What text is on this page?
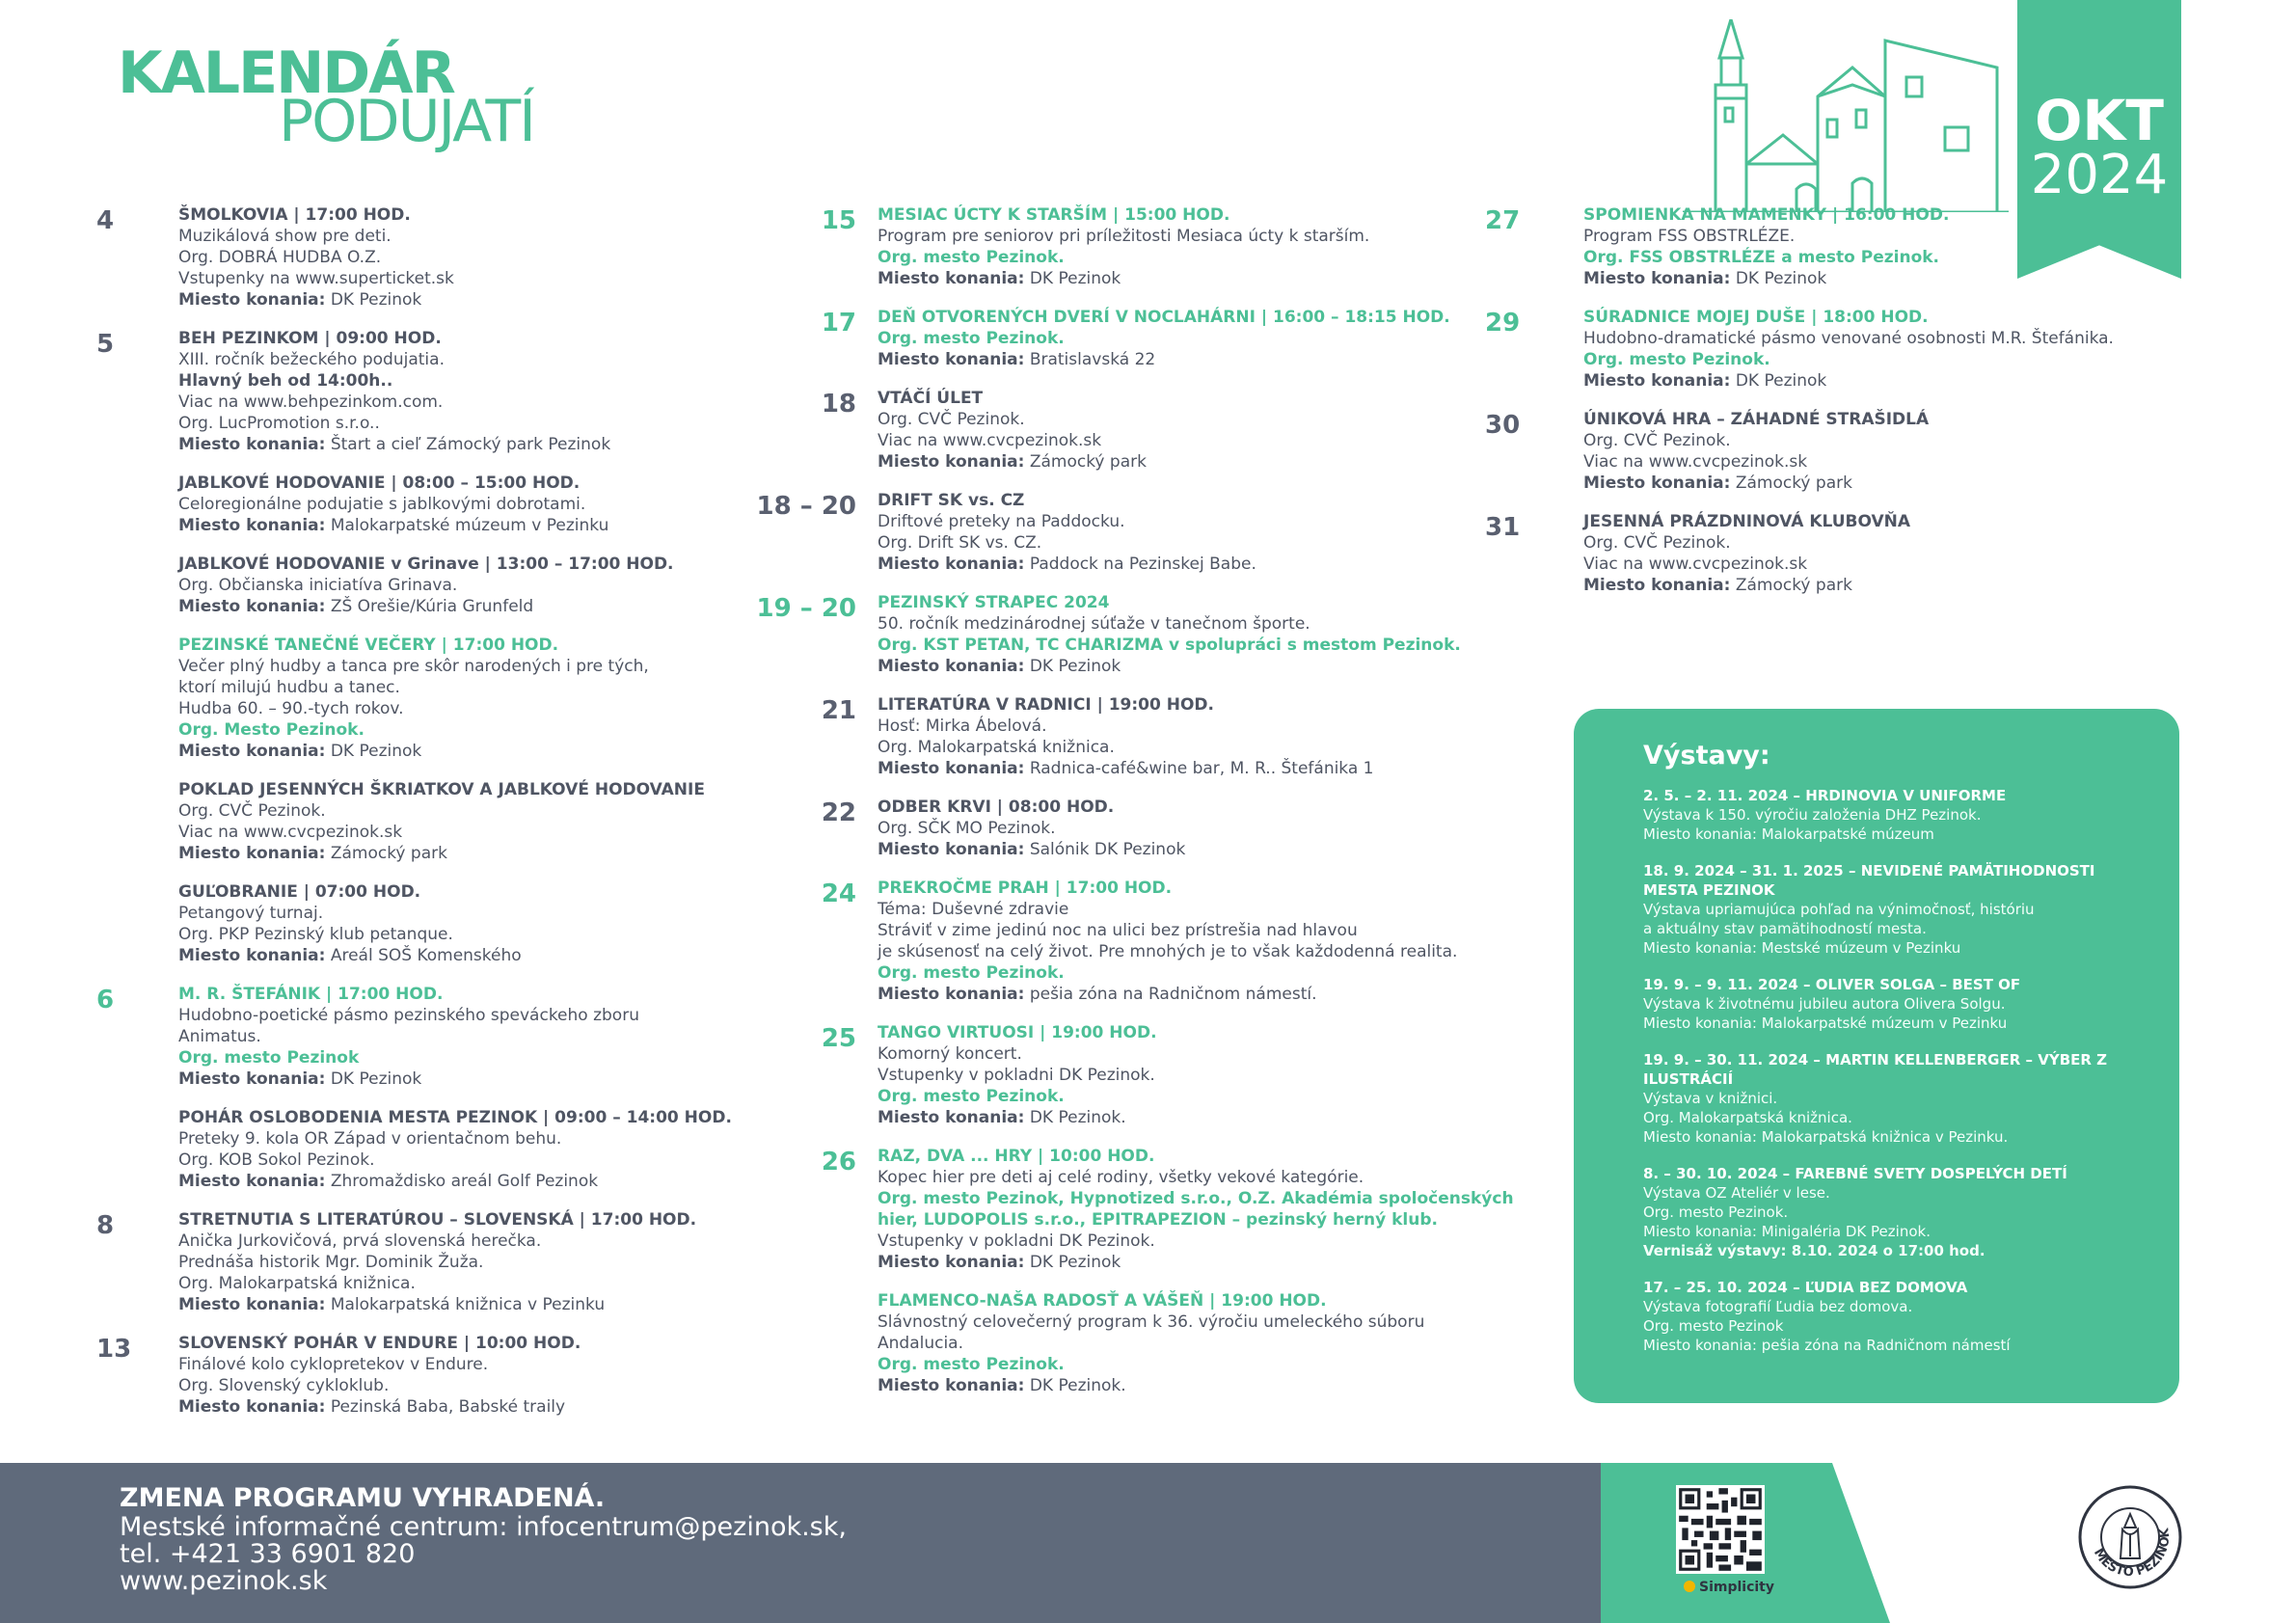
KALENDÁR
PODUJATÍ	OKT
2024
4	ŠMOLKOVIA | 17:00 HOD.
Muzikálová show pre deti.
Org. DOBRÁ HUDBA O.Z.
Vstupenky na www.superticket.sk
Miesto konania: DK Pezinok
5	BEH PEZINKOM | 09:00 HOD.
XIII. ročník bežeckého podujatia.
Hlavný beh od 14:00h..
Viac na www.behpezinkom.com.
Org. LucPromotion s.r.o..
Miesto konania: Štart a cieľ Zámocký park Pezinok
JABLKOVÉ HODOVANIE | 08:00 – 15:00 HOD.
Celoregionálne podujatie s jablkovými dobrotami.
Miesto konania: Malokarpatské múzeum v Pezinku
JABLKOVÉ HODOVANIE v Grinave | 13:00 – 17:00 HOD.
Org. Občianska iniciatíva Grinava.
Miesto konania: ZŠ Orešie/Kúria Grunfeld
PEZINSKÉ TANEČNÉ VEČERY | 17:00 HOD.
Večer plný hudby a tanca pre skôr narodených i pre tých,
ktorí milujú hudbu a tanec.
Hudba 60. – 90.-tych rokov.
Org. Mesto Pezinok.
Miesto konania: DK Pezinok
POKLAD JESENNÝCH ŠKRIATKOV A JABLKOVÉ HODOVANIE
Org. CVČ Pezinok.
Viac na www.cvcpezinok.sk
Miesto konania: Zámocký park
GUĽOBRANIE | 07:00 HOD.
Petangový turnaj.
Org. PKP Pezinský klub petanque.
Miesto konania: Areál SOŠ Komenského
6	M. R. ŠTEFÁNIK | 17:00 HOD.
Hudobno-poetické pásmo pezinského speváckeho zboru
Animatus.
Org. mesto Pezinok
Miesto konania: DK Pezinok
POHÁR OSLOBODENIA MESTA PEZINOK | 09:00 – 14:00 HOD.
Preteky 9. kola OR Západ v orientačnom behu.
Org. KOB Sokol Pezinok.
Miesto konania: Zhromaždisko areál Golf Pezinok
8	STRETNUTIA S LITERATÚROU – SLOVENSKÁ | 17:00 HOD.
Anička Jurkovičová, prvá slovenská herečka.
Prednáša historik Mgr. Dominik Žuža.
Org. Malokarpatská knižnica.
Miesto konania: Malokarpatská knižnica v Pezinku
13	SLOVENSKÝ POHÁR V ENDURE | 10:00 HOD.
Finálové kolo cyklopretekov v Endure.
Org. Slovenský cykloklub.
Miesto konania: Pezinská Baba, Babské traily
15 MESIAC ÚCTY K STARŠÍM | 15:00 HOD.
Program pre seniorov pri príležitosti Mesiaca úcty k starším.
Org. mesto Pezinok.
Miesto konania: DK Pezinok
17 DEŇ OTVORENÝCH DVERÍ V NOCLAHÁRNI | 16:00 – 18:15 HOD.
Org. mesto Pezinok.
Miesto konania: Bratislavská 22
18 VTÁČÍ ÚLET
Org. CVČ Pezinok.
Viac na www.cvcpezinok.sk
Miesto konania: Zámocký park
18 – 20 DRIFT SK vs. CZ
Driftové preteky na Paddocku.
Org. Drift SK vs. CZ.
Miesto konania: Paddock na Pezinskej Babe.
19 – 20 PEZINSKÝ STRAPEC 2024
50. ročník medzinárodnej súťaže v tanečnom športe.
Org. KST PETAN, TC CHARIZMA v spolupráci s mestom Pezinok.
Miesto konania: DK Pezinok
21 LITERATÚRA V RADNICI | 19:00 HOD.
Hosť: Mirka Ábelová.
Org. Malokarpatská knižnica.
Miesto konania: Radnica-café&wine bar, M. R.. Štefánika 1
22 ODBER KRVI | 08:00 HOD.
Org. SČK MO Pezinok.
Miesto konania: Salónik DK Pezinok
24 PREKROČME PRAH | 17:00 HOD.
Téma: Duševné zdravie
Stráviť v zime jedinú noc na ulici bez prístrešia nad hlavou
je skúsenosť na celý život. Pre mnohých je to však každodenná realita.
Org. mesto Pezinok.
Miesto konania: pešia zóna na Radničnom námestí.
25 TANGO VIRTUOSI | 19:00 HOD.
Komorný koncert.
Vstupenky v pokladni DK Pezinok.
Org. mesto Pezinok.
Miesto konania: DK Pezinok.
26 RAZ, DVA ... HRY | 10:00 HOD.
Kopec hier pre deti aj celé rodiny, všetky vekové kategórie.
Org. mesto Pezinok, Hypnotized s.r.o., O.Z. Akadémia spoločenských
hier, LUDOPOLIS s.r.o., EPITRAPEZION – pezinský herný klub.
Vstupenky v pokladni DK Pezinok.
Miesto konania: DK Pezinok
FLAMENCO-NAŠA RADOSŤ A VÁŠEŇ | 19:00 HOD.
Slávnostný celovečerný program k 36. výročiu umeleckého súboru
Andalucia.
Org. mesto Pezinok.
Miesto konania: DK Pezinok.
27	SPOMIENKA NA MAMENKY | 16:00 HOD.
Program FSS OBSTRLÉZE.
Org. FSS OBSTRLÉZE a mesto Pezinok.
Miesto konania: DK Pezinok
29	SÚRADNICE MOJEJ DUŠE | 18:00 HOD.
Hudobno-dramatické pásmo venované osobnosti M.R. Štefánika.
Org. mesto Pezinok.
Miesto konania: DK Pezinok
30	ÚNIKOVÁ HRA – ZÁHADNÉ STRAŠIDLÁ
Org. CVČ Pezinok.
Viac na www.cvcpezinok.sk
Miesto konania: Zámocký park
31	JESENNÁ PRÁZDNINOVÁ KLUBOVŇA
Org. CVČ Pezinok.
Viac na www.cvcpezinok.sk
Miesto konania: Zámocký park
Výstavy:
2. 5. – 2. 11. 2024 – HRDINOVIA V UNIFORME
Výstava k 150. výročiu založenia DHZ Pezinok.
Miesto konania: Malokarpatské múzeum
18. 9. 2024 – 31. 1. 2025 – NEVIDENÉ PAMÄTIHODNOSTI MESTA PEZINOK
Výstava upriamujúca pohľad na výnimočnosť, históriu
a aktuálny stav pamätihodností mesta.
Miesto konania: Mestské múzeum v Pezinku
19. 9. – 9. 11. 2024 – OLIVER SOLGA – BEST OF
Výstava k životnému jubileu autora Olivera Solgu.
Miesto konania: Malokarpatské múzeum v Pezinku
19. 9. – 30. 11. 2024 – MARTIN KELLENBERGER – VÝBER Z ILUSTRÁCIÍ
Výstava v knižnici.
Org. Malokarpatská knižnica.
Miesto konania: Malokarpatská knižnica v Pezinku.
8. – 30. 10. 2024 – FAREBNÉ SVETY DOSPELÝCH DETÍ
Výstava OZ Ateliér v lese.
Org. mesto Pezinok.
Miesto konania: Minigaléria DK Pezinok.
Vernisáž výstavy: 8.10. 2024 o 17:00 hod.
17. – 25. 10. 2024 – ĽUDIA BEZ DOMOVA
Výstava fotografií Ľudia bez domova.
Org. mesto Pezinok
Miesto konania: pešia zóna na Radničnom námestí
ZMENA PROGRAMU VYHRADENÁ.
Mestské informačné centrum: infocentrum@pezinok.sk,
tel. +421 33 6901 820
www.pezinok.sk	Simplicity
MESTO PEZINOK
